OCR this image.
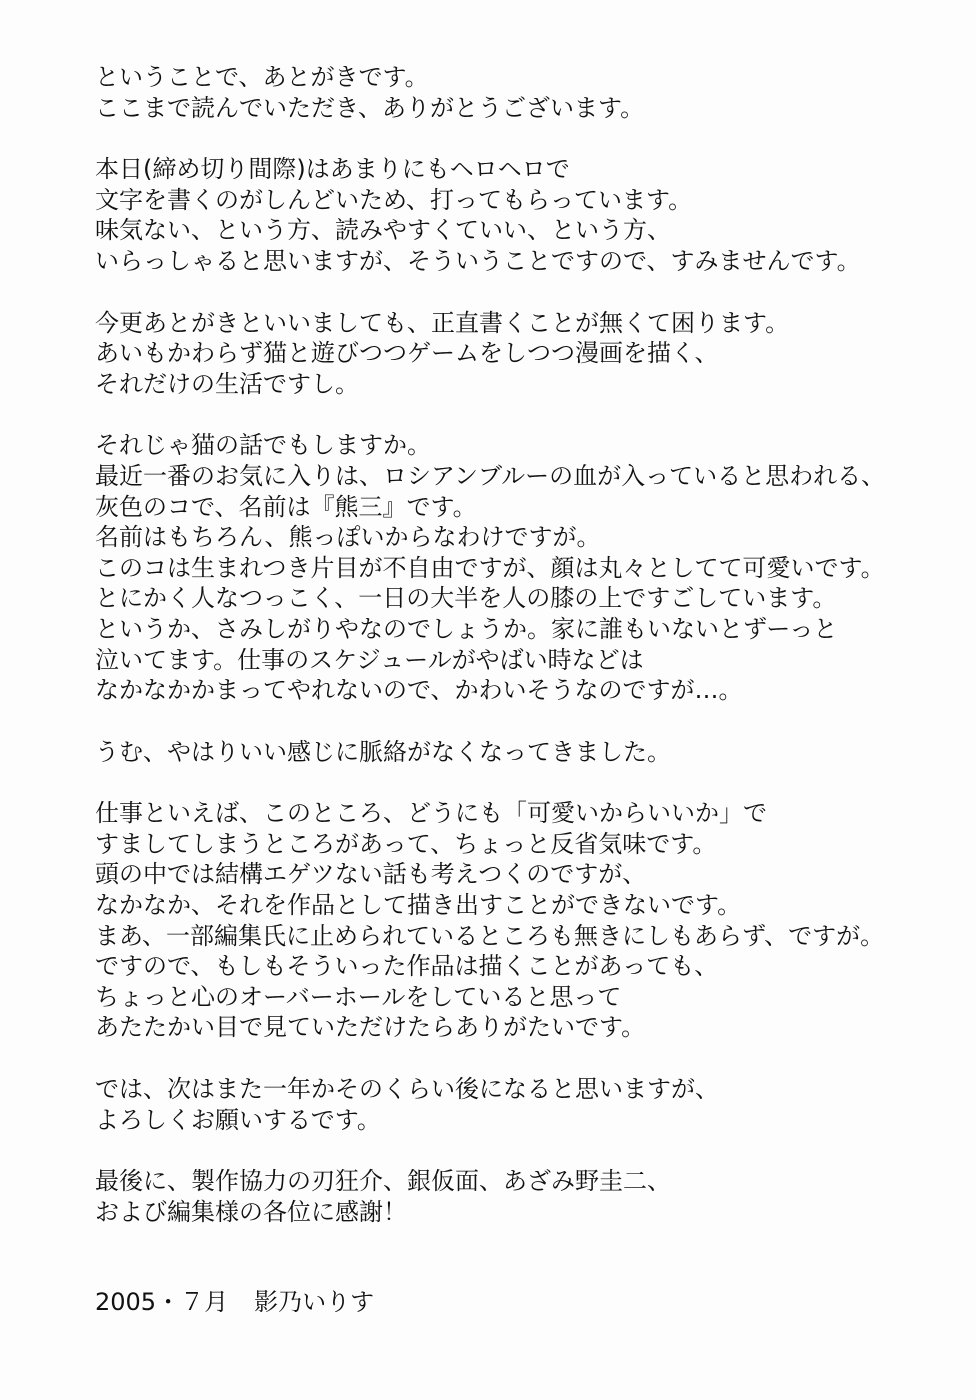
ということで、あとがきです。
ここまで読んでいただき、ありがとうございます。
本日(締め切り間際)はあまりにもヘロヘロで
文字を書くのがしんどいため、打ってもらっています。
味気ない、という方、読みやすくていい、という方、
いらっしゃると思いますが、そういうことですので、すみませんです。
今更あとがきといいましても、正直書くことが無くて困ります。
あいもかわらず猫と遊びつつゲームをしつつ漫画を描く、
それだけの生活ですし。
それじゃ猫の話でもしますか。
最近一番のお気に入りは、ロシアンブルーの血が入っていると思われる、
灰色のコで、名前は『熊三』です。
名前はもちろん、熊っぽいからなわけですが。
このコは生まれつき片目が不自由ですが、顔は丸々としてて可愛いです。
とにかく人なつっこく、一日の大半を人の膝の上ですごしています。
というか、さみしがりやなのでしょうか。家に誰もいないとずーっと
泣いてます。仕事のスケジュールがやばい時などは
なかなかかまってやれないので、かわいそうなのですが…。
うむ、やはりいい感じに脈絡がなくなってきました。
仕事といえば、このところ、どうにも「可愛いからいいか」で
すましてしまうところがあって、ちょっと反省気味です。
頭の中では結構エゲツない話も考えつくのですが、
なかなか、それを作品として描き出すことができないです。
まあ、一部編集氏に止められているところも無きにしもあらず、ですが。
ですので、もしもそういった作品は描くことがあっても、
ちょっと心のオーバーホールをしていると思って
あたたかい目で見ていただけたらありがたいです。
では、次はまた一年かそのくらい後になると思いますが、
よろしくお願いするです。
最後に、製作協力の刃狂介、銀仮面、あざみ野圭二、
および編集様の各位に感謝！
2005・７月 影乃いりす
